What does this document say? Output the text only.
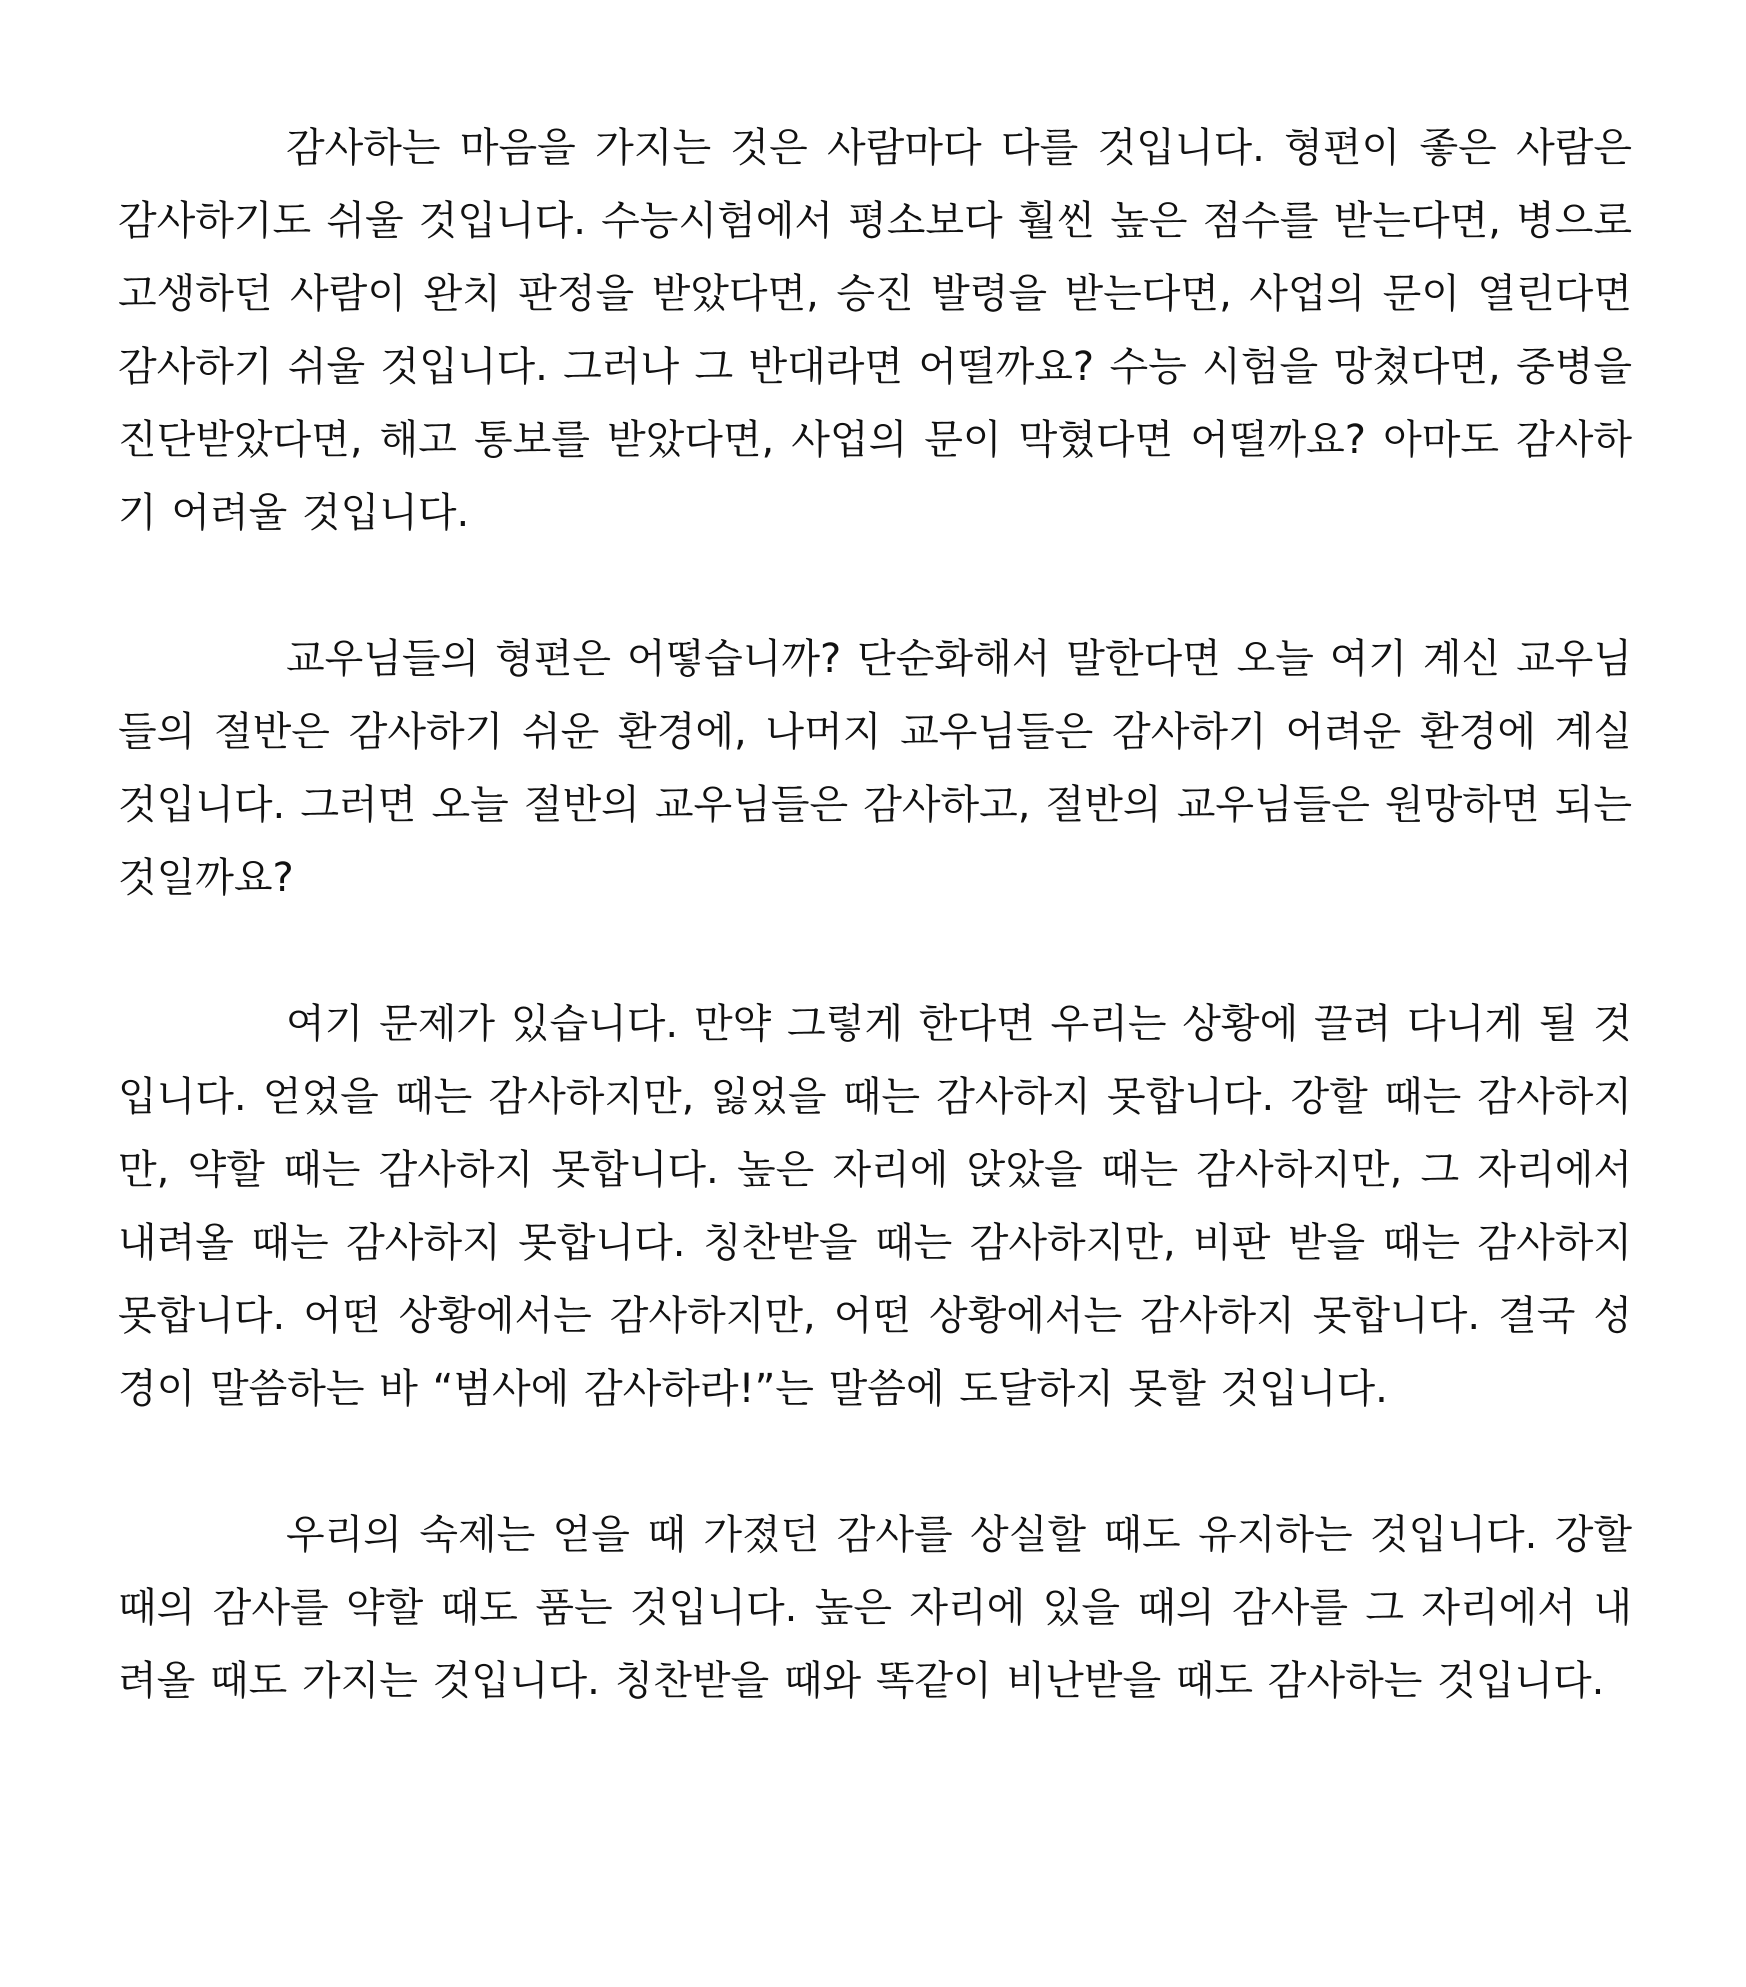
감사하는 마음을 가지는 것은 사람마다 다를 것입니다. 형편이 좋은 사람은 감사하기도 쉬울 것입니다. 수능시험에서 평소보다 훨씬 높은 점수를 받는다면, 병으로 고생하던 사람이 완치 판정을 받았다면, 승진 발령을 받는다면, 사업의 문이 열린다면 감사하기 쉬울 것입니다. 그러나 그 반대라면 어떨까요? 수능 시험을 망쳤다면, 중병을 진단받았다면, 해고 통보를 받았다면, 사업의 문이 막혔다면 어떨까요? 아마도 감사하기 어려울 것입니다.

교우님들의 형편은 어떻습니까? 단순화해서 말한다면 오늘 여기 계신 교우님들의 절반은 감사하기 쉬운 환경에, 나머지 교우님들은 감사하기 어려운 환경에 계실 것입니다. 그러면 오늘 절반의 교우님들은 감사하고, 절반의 교우님들은 원망하면 되는 것일까요?

여기 문제가 있습니다. 만약 그렇게 한다면 우리는 상황에 끌려 다니게 될 것입니다. 얻었을 때는 감사하지만, 잃었을 때는 감사하지 못합니다. 강할 때는 감사하지만, 약할 때는 감사하지 못합니다. 높은 자리에 앉았을 때는 감사하지만, 그 자리에서 내려올 때는 감사하지 못합니다. 칭찬받을 때는 감사하지만, 비판 받을 때는 감사하지 못합니다. 어떤 상황에서는 감사하지만, 어떤 상황에서는 감사하지 못합니다. 결국 성경이 말씀하는 바 “범사에 감사하라!”는 말씀에 도달하지 못할 것입니다.

우리의 숙제는 얻을 때 가졌던 감사를 상실할 때도 유지하는 것입니다. 강할 때의 감사를 약할 때도 품는 것입니다. 높은 자리에 있을 때의 감사를 그 자리에서 내려올 때도 가지는 것입니다. 칭찬받을 때와 똑같이 비난받을 때도 감사하는 것입니다.
